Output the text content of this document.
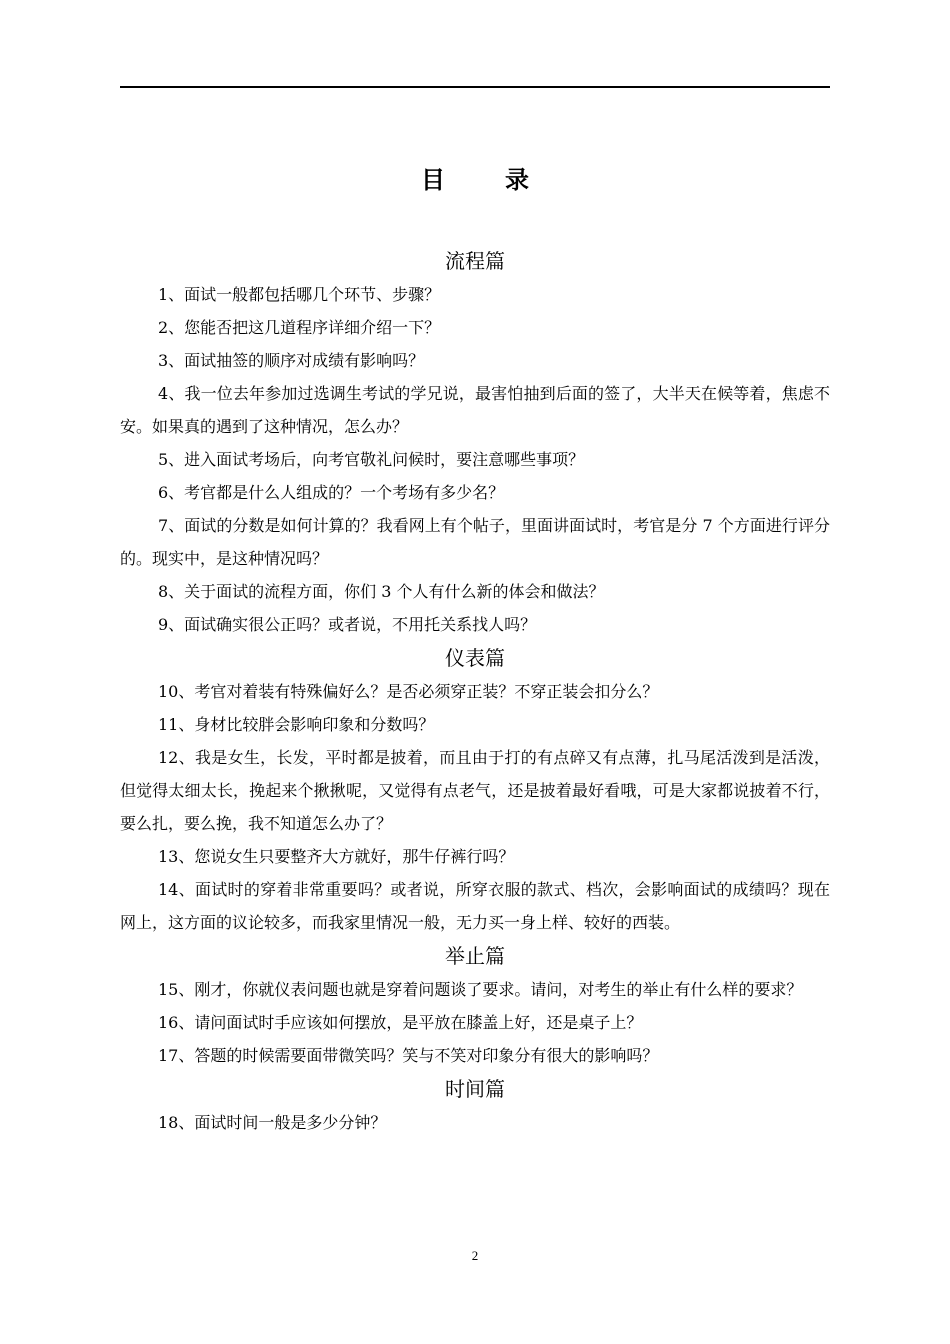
目　录
流程篇

1、面试一般都包括哪几个环节、步骤？

2、您能否把这几道程序详细介绍一下？

3、面试抽签的顺序对成绩有影响吗？

4、我一位去年参加过选调生考试的学兄说，最害怕抽到后面的签了，大半天在候等着，焦虑不安。如果真的遇到了这种情况，怎么办？

5、进入面试考场后，向考官敬礼问候时，要注意哪些事项？

6、考官都是什么人组成的？一个考场有多少名？

7、面试的分数是如何计算的？我看网上有个帖子，里面讲面试时，考官是分 7 个方面进行评分的。现实中，是这种情况吗？

8、关于面试的流程方面，你们 3 个人有什么新的体会和做法？

9、面试确实很公正吗？或者说，不用托关系找人吗？

仪表篇

10、考官对着装有特殊偏好么？是否必须穿正装？不穿正装会扣分么？

11、身材比较胖会影响印象和分数吗？

12、我是女生，长发，平时都是披着，而且由于打的有点碎又有点薄，扎马尾活泼到是活泼，但觉得太细太长，挽起来个揪揪呢，又觉得有点老气，还是披着最好看哦，可是大家都说披着不行，要么扎，要么挽，我不知道怎么办了？

13、您说女生只要整齐大方就好，那牛仔裤行吗？

14、面试时的穿着非常重要吗？或者说，所穿衣服的款式、档次，会影响面试的成绩吗？现在网上，这方面的议论较多，而我家里情况一般，无力买一身上样、较好的西装。

举止篇

15、刚才，你就仪表问题也就是穿着问题谈了要求。请问，对考生的举止有什么样的要求？

16、请问面试时手应该如何摆放，是平放在膝盖上好，还是桌子上？

17、答题的时候需要面带微笑吗？笑与不笑对印象分有很大的影响吗？

时间篇

18、面试时间一般是多少分钟？

2
